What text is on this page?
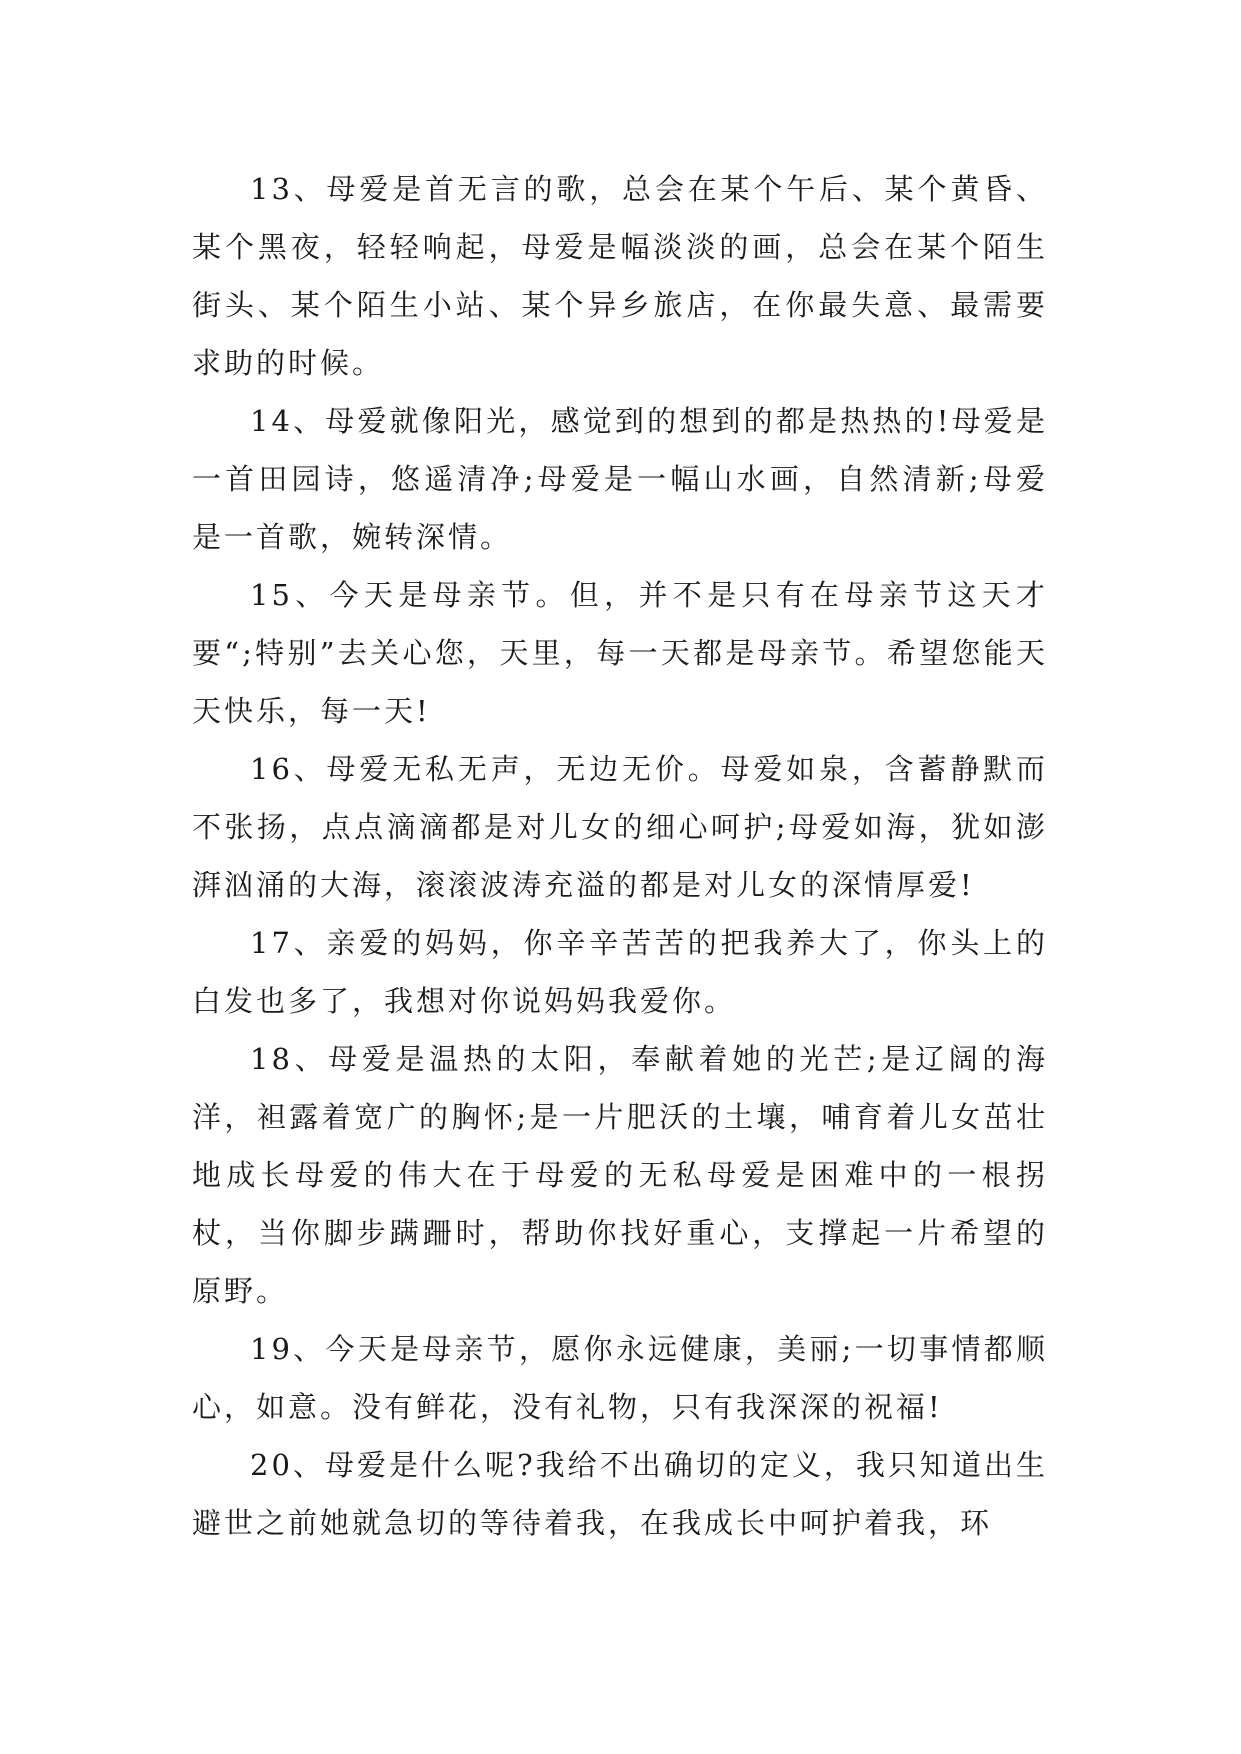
13、母爱是首无言的歌，总会在某个午后、某个黄昏、某个黑夜，轻轻响起，母爱是幅淡淡的画，总会在某个陌生街头、某个陌生小站、某个异乡旅店，在你最失意、最需要求助的时候。

14、母爱就像阳光，感觉到的想到的都是热热的!母爱是一首田园诗，悠遥清净;母爱是一幅山水画，自然清新;母爱是一首歌，婉转深情。

15、今天是母亲节。但，并不是只有在母亲节这天才要“;特别”去关心您，天里，每一天都是母亲节。希望您能天天快乐，每一天!

16、母爱无私无声，无边无价。母爱如泉，含蓄静默而不张扬，点点滴滴都是对儿女的细心呵护;母爱如海，犹如澎湃汹涌的大海，滚滚波涛充溢的都是对儿女的深情厚爱!

17、亲爱的妈妈，你辛辛苦苦的把我养大了，你头上的白发也多了，我想对你说妈妈我爱你。

18、母爱是温热的太阳，奉献着她的光芒;是辽阔的海洋，袒露着宽广的胸怀;是一片肥沃的土壤，哺育着儿女茁壮地成长母爱的伟大在于母爱的无私母爱是困难中的一根拐杖，当你脚步蹒跚时，帮助你找好重心，支撑起一片希望的原野。

19、今天是母亲节，愿你永远健康，美丽;一切事情都顺心，如意。没有鲜花，没有礼物，只有我深深的祝福!

20、母爱是什么呢?我给不出确切的定义，我只知道出生避世之前她就急切的等待着我，在我成长中呵护着我，环
